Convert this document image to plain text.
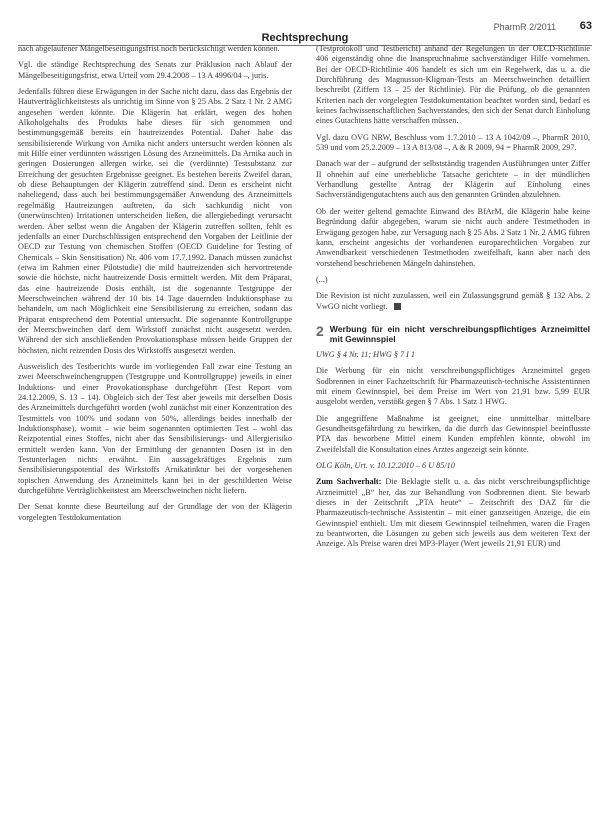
Rechtsprechung
PharmR 2/2011 63

nach abgelaufener Mängelbeseitigungsfrist noch berücksichtigt werden können.

Vgl. die ständige Rechtsprechung des Senats zur Präklusion nach Ablauf der Mängelbeseitigungsfrist, etwa Urteil vom 29.4.2008 – 13 A 4996/04 –, juris.

Jedenfalls führen diese Erwägungen in der Sache nicht dazu, dass das Ergebnis der Hautverträglichkeitstests als unrichtig im Sinne von § 25 Abs. 2 Satz 1 Nr. 2 AMG angesehen werden könnte. Die Klägerin hat erklärt, wegen des hohen Alkoholgehalts des Produkts habe dieses für sich genommen und bestimmungsgemäß bereits ein hautreizendes Potential. Daher habe das sensibilisierende Wirkung von Arnika nicht anders untersucht werden können als mit Hilfe einer verdünnten wässrigen Lösung des Arzneimittels. Da Arnika auch in geringen Dosierungen allergen wirke, sei die (verdünnte) Testsubstanz zur Erreichung der gesuchten Ergebnisse geeignet. Es bestehen bereits Zweifel daran, ob diese Behauptungen der Klägerin zutreffend sind. Denn es erscheint nicht naheliegend, dass auch bei bestimmungsgemäßer Anwendung des Arzneimittels regelmäßig Hautreizungen auftreten, da sich sachkundig nicht von (unerwünschten) Irritationen unterscheiden ließen, die allergiebedingt verursacht werden. Aber selbst wenn die Angaben der Klägerin zutreffen sollten, fehlt es jedenfalls an einer Durchschlüssigen entsprechend den Vorgaben der Leitlinie der OECD zur Testung von chemischen Stoffen (OECD Guideline for Testing of Chemicals – Skin Sensitisation) Nr. 406 vom 17.7.1992. Danach müssen zunächst (etwa im Rahmen einer Pilotstudie) die mild hautreizenden sich hervortretende sowie die höchste, nicht hautreizende Dosis ermittelt werden. Mit dem Präparat, das eine hautreizende Dosis enthält, ist die sogenannte Testgruppe der Meerschweinchen während der 10 bis 14 Tage dauernden Induktionsphase zu behandeln, um nach Möglichkeit eine Sensibilisierung zu erreichen, sodann das Präparat entsprechend dem Potential untersucht. Die sogenannte Kontrollgruppe der Meerschweinchen darf dem Wirkstoff zunächst nicht ausgesetzt werden. Während der sich anschließenden Provokationsphase müssen beide Gruppen der höchsten, nicht reizenden Dosis des Wirkstoffs ausgesetzt werden.

Ausweislich des Testberichts wurde im vorliegenden Fall zwar eine Testung an zwei Meerschweinchengruppen (Testgruppe und Kontrollgruppe) jeweils in einer Induktions- und einer Provokationsphase durchgeführt (Test Report vom 24.12.2009, S. 13 – 14). Obgleich sich der Test aber jeweils mit derselben Dosis des Arzneimittels durchgeführt worden (wohl zunächst mit einer Konzentration des Testmittels von 100% und sodann von 50%, allerdings beides innerhalb der Induktionsphase), womit – wie beim sogenannten optimierten Test – wohl das Reizpotential eines Stoffes, nicht aber das Sensibilisierungs- und Allergierisiko ermittelt werden kann. Von der Ermittlung der genannten Dosen ist in den Testunterlagen nichts erwähnt. Ein aussagekräftiges Ergebnis zum Sensibilisierungspotential des Wirkstoffs Arnikatinktur bei der vorgesehenen topischen Anwendung des Arzneimittels kann bei in der geschilderten Weise durchgeführte Verträglichkeitstest am Meerschweinchen nicht liefern.

Der Senat konnte diese Beurteilung auf der Grundlage der von der Klägerin vorgelegten Testdokumentation

(Testprotokoll und Testbericht) anhand der Regelungen in der OECD-Richtlinie 406 eigenständig ohne die Inanspruchnahme sachverständiger Hilfe vornehmen. Bei der OECD-Richtlinie 406 handelt es sich um ein Regelwerk, das u. a. die Durchführung des Magnusson-Kligman-Tests an Meerschweinchen detailliert beschreibt (Ziffern 13 – 25 der Richtlinie). Für die Prüfung, ob die genannten Kriterien nach der vorgelegten Testdokumentation beachtet worden sind, bedarf es keines fachwissenschaftlichen Sachverstandes, den sich der Senat durch Einholung eines Gutachtens hätte verschaffen müssen.

Vgl. dazu OVG NRW, Beschluss vom 1.7.2010 – 13 A 1042/09 –, PharmR 2010, 539 und vom 25.2.2009 – 13 A 813/08 –, A & R 2009, 94 = PharmR 2009, 297.

Danach war der – aufgrund der selbstständig tragenden Ausführungen unter Ziffer II ohnehin auf eine unerhebliche Tatsache gerichtete – in der mündlichen Verhandlung gestellte Antrag der Klägerin auf Einholung eines Sachverständigengutachtens auch aus den genannten Gründen abzulehnen.

Ob der weiter geltend gemachte Einwand des BfArM, die Klägerin habe keine Begründung dafür abgegeben, warum sie nicht auch andere Testmethoden in Erwägung gezogen habe, zur Versagung nach § 25 Abs. 2 Satz 1 Nr. 2 AMG führen kann, erscheint angesichts der vorhandenen europarechtlichen Vorgaben zur Anwendbarkeit verschiedenen Testmethoden zweifelhaft, kann aber nach den vorstehend beschriebenen Mängeln dahinstehen.

(...)

Die Revision ist nicht zuzulassen, weil ein Zulassungsgrund gemäß § 132 Abs. 2 VwGO nicht vorliegt.

2 Werbung für ein nicht verschreibungspflichtiges Arzneimittel mit Gewinnspiel

UWG § 4 Nr. 11; HWG § 7 I 1

Die Werbung für ein nicht verschreibungspflichtiges Arzneimittel gegen Sodbrennen in einer Fachzeitschrift für Pharmazeutisch-technische Assistentinnen mit einem Gewinnspiel, bei dem Preise im Wert von 21,91 bzw. 5,99 EUR ausgelobt werden, verstößt gegen § 7 Abs. 1 Satz 1 HWG.

Die angegriffene Maßnahme ist geeignet, eine unmittelbar mittelbare Gesundheitsgefährdung zu bewirken, da die durch das Gewinnspiel beeinflusste PTA das beworbene Mittel einem Kunden empfehlen könnte, obwohl im Zweifelsfall die Konsultation eines Arztes angezeigt sein könnte.

OLG Köln, Urt. v. 10.12.2010 – 6 U 85/10

Zum Sachverhalt: Die Beklagte stellt u. a. das nicht verschreibungspflichtige Arzneimittel „B“ her, das zur Behandlung von Sodbrennen dient. Sie bewarb dieses in der Zeitschrift „PTA heute“ – Zeitschrift des DAZ für die Pharmazeutisch-technische Assistentin – mit einer ganzseitigen Anzeige, die ein Gewinnspiel enthielt. Um mit diesem Gewinnspiel teilnehmen, waren die Fragen zu beantworten, die Lösungen zu geben sich jeweils aus dem weiteren Text der Anzeige. Als Preise waren drei MP3-Player (Wert jeweils 21,91 EUR) und
